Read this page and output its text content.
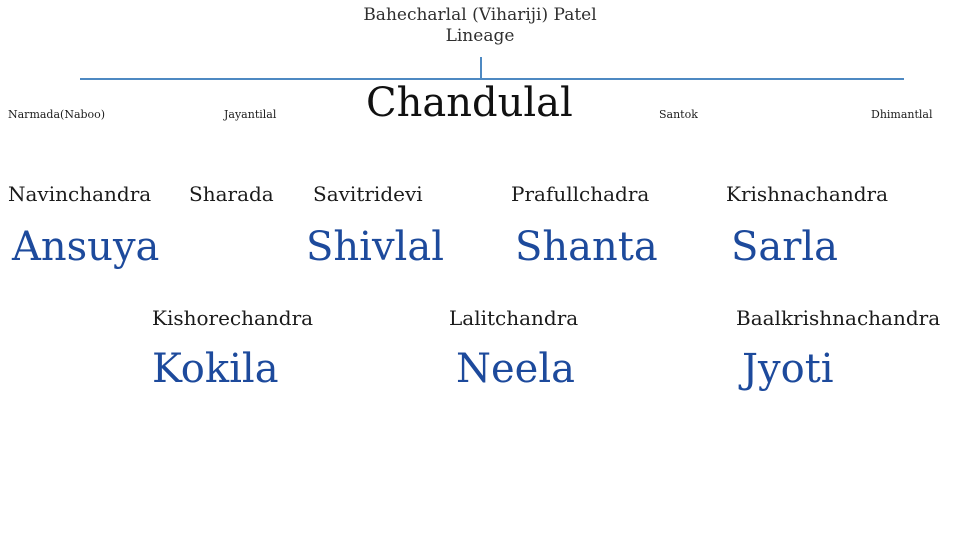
Bahecharlal (Vihariji) Patel
Lineage
Narmada(Naboo)	Jayantilal Chandulal	Santok	Dhimantlal
Navinchandra Sharada Savitridevi	Prafullchadra	Krishnachandra
Ansuya	Shivlal Shanta Sarla
Kishorechandra	Lalitchandra	Baalkrishnachandra
Kokila	Neela	Jyoti
